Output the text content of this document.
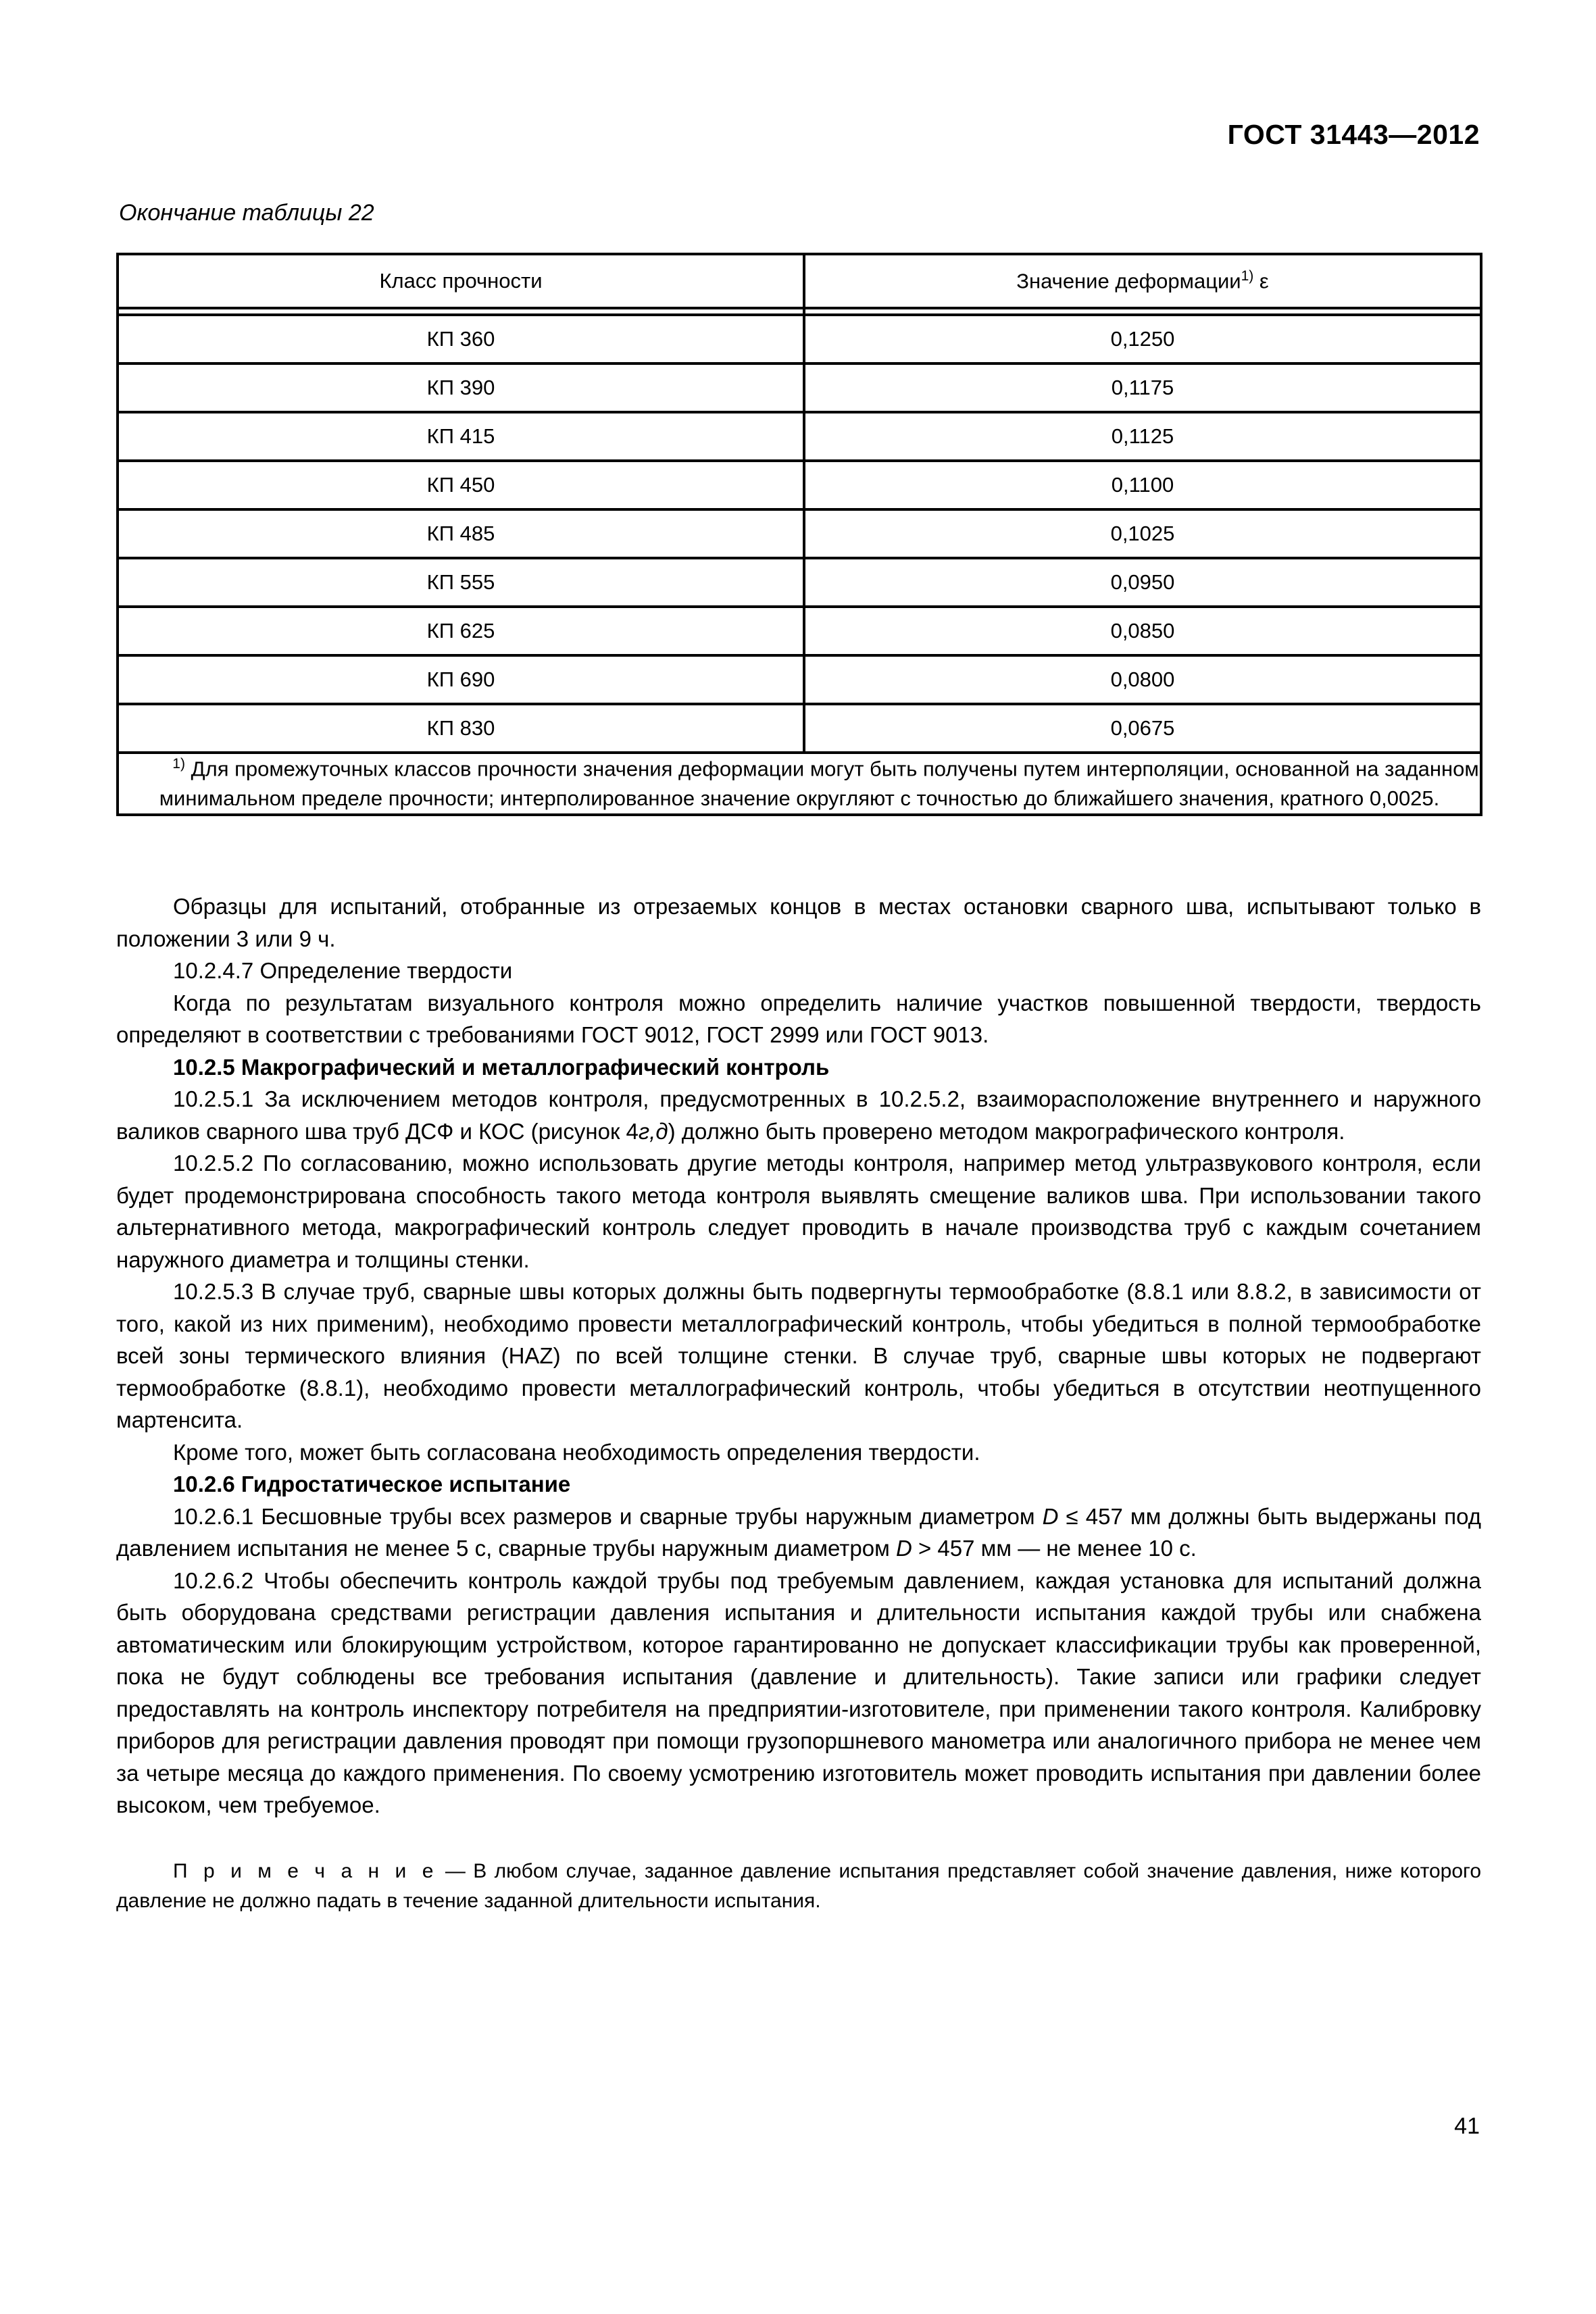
ГОСТ 31443—2012
Окончание таблицы 22
Класс прочности	Значение деформации$^{1)}$ ε

КП 360	0,1250
КП 390	0,1175
КП 415	0,1125
КП 450	0,1100
КП 485	0,1025
КП 555	0,0950
КП 625	0,0850
КП 690	0,0800
КП 830	0,0675
$^{1)}$ Для промежуточных классов прочности значения деформации могут быть получены путем интерполяции, основанной на заданном минимальном пределе прочности; интерполированное значение округляют с точностью до ближайшего значения, кратного 0,0025.	

Образцы для испытаний, отобранные из отрезаемых концов в местах остановки сварного шва, испытывают только в положении 3 или 9 ч.

10.2.4.7 Определение твердости

Когда по результатам визуального контроля можно определить наличие участков повышенной твердости, твердость определяют в соответствии с требованиями ГОСТ 9012, ГОСТ 2999 или ГОСТ 9013.

10.2.5 Макрографический и металлографический контроль

10.2.5.1 За исключением методов контроля, предусмотренных в 10.2.5.2, взаиморасположение внутреннего и наружного валиков сварного шва труб ДСФ и КОС (рисунок 4г,д) должно быть проверено методом макрографического контроля.

10.2.5.2 По согласованию, можно использовать другие методы контроля, например метод ультразвукового контроля, если будет продемонстрирована способность такого метода контроля выявлять смещение валиков шва. При использовании такого альтернативного метода, макрографический контроль следует проводить в начале производства труб с каждым сочетанием наружного диаметра и толщины стенки.

10.2.5.3 В случае труб, сварные швы которых должны быть подвергнуты термообработке (8.8.1 или 8.8.2, в зависимости от того, какой из них применим), необходимо провести металлографический контроль, чтобы убедиться в полной термообработке всей зоны термического влияния (HAZ) по всей толщине стенки. В случае труб, сварные швы которых не подвергают термообработке (8.8.1), необходимо провести металлографический контроль, чтобы убедиться в отсутствии неотпущенного мартенсита.

Кроме того, может быть согласована необходимость определения твердости.

10.2.6 Гидростатическое испытание

10.2.6.1 Бесшовные трубы всех размеров и сварные трубы наружным диаметром D ≤ 457 мм должны быть выдержаны под давлением испытания не менее 5 с, сварные трубы наружным диаметром D > 457 мм — не менее 10 с.

10.2.6.2 Чтобы обеспечить контроль каждой трубы под требуемым давлением, каждая установка для испытаний должна быть оборудована средствами регистрации давления испытания и длительности испытания каждой трубы или снабжена автоматическим или блокирующим устройством, которое гарантированно не допускает классификации трубы как проверенной, пока не будут соблюдены все требования испытания (давление и длительность). Такие записи или графики следует предоставлять на контроль инспектору потребителя на предприятии-изготовителе, при применении такого контроля. Калибровку приборов для регистрации давления проводят при помощи грузопоршневого манометра или аналогичного прибора не менее чем за четыре месяца до каждого применения. По своему усмотрению изготовитель может проводить испытания при давлении более высоком, чем требуемое.

П р и м е ч а н и е — В любом случае, заданное давление испытания представляет собой значение давления, ниже которого давление не должно падать в течение заданной длительности испытания.

41
